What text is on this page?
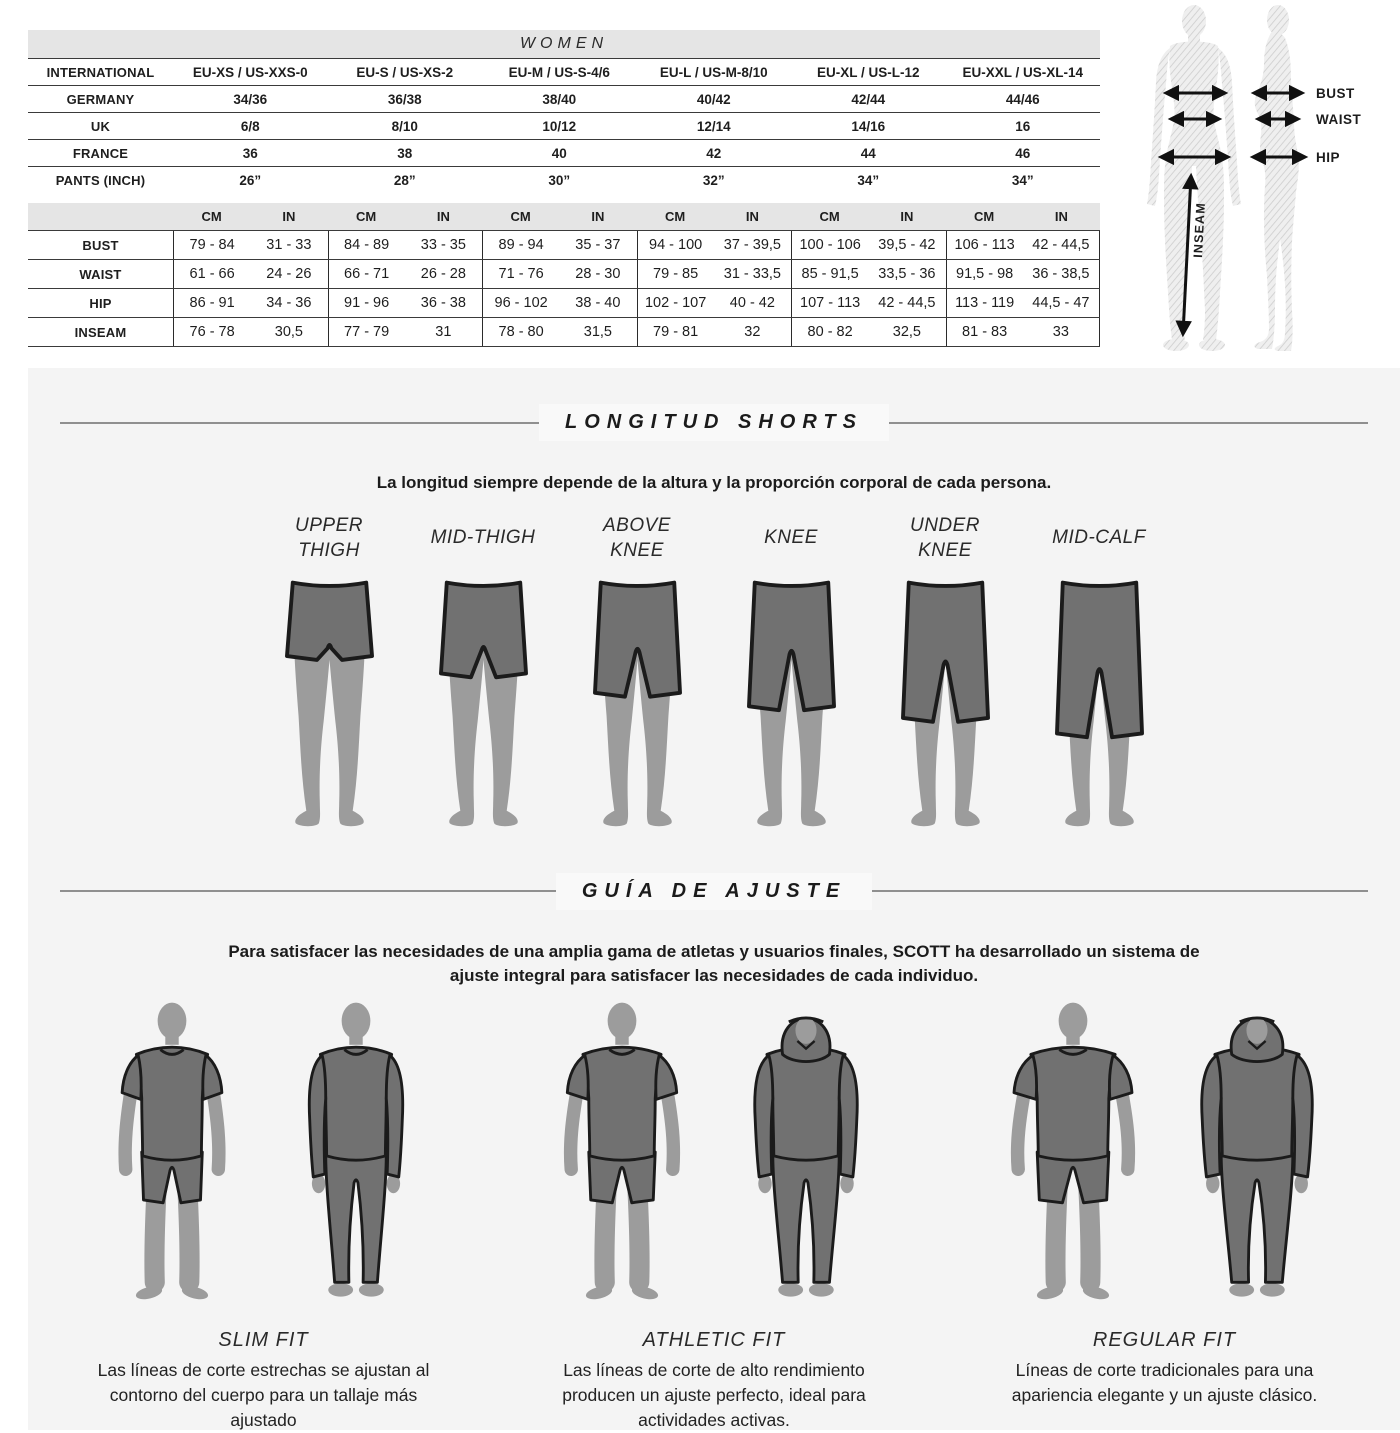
WOMEN
INTERNATIONAL	EU-XS / US-XXS-0	EU-S / US-XS-2	EU-M / US-S-4/6	EU-L / US-M-8/10	EU-XL / US-L-12	EU-XXL / US-XL-14
GERMANY	34/36	36/38	38/40	40/42	42/44	44/46
UK	6/8	8/10	10/12	12/14	14/16	16
FRANCE	36	38	40	42	44	46
PANTS (INCH)	26”	28”	30”	32”	34”	34”
CM	IN	CM	IN	CM	IN	CM	IN	CM	IN	CM	IN
BUST	79 - 84	31 - 33	84 - 89	33 - 35	89 - 94	35 - 37	94 - 100	37 - 39,5	100 - 106	39,5 - 42	106 - 113	42 - 44,5
WAIST	61 - 66	24 - 26	66 - 71	26 - 28	71 - 76	28 - 30	79 - 85	31 - 33,5	85 - 91,5	33,5 - 36	91,5 - 98	36 - 38,5
HIP	86 - 91	34 - 36	91 - 96	36 - 38	96 - 102	38 - 40	102 - 107	40 - 42	107 - 113	42 - 44,5	113 - 119	44,5 - 47
INSEAM	76 - 78	30,5	77 - 79	31	78 - 80	31,5	79 - 81	32	80 - 82	32,5	81 - 83	33
BUST
WAIST
HIP
INSEAM
LONGITUD SHORTS

La longitud siempre depende de la altura y la proporción corporal de cada persona.

UPPER THIGH
MID-THIGH
ABOVE KNEE
KNEE
UNDER KNEE
MID-CALF
GUÍA DE AJUSTE

Para satisfacer las necesidades de una amplia gama de atletas y usuarios finales, SCOTT ha desarrollado un sistema de ajuste integral para satisfacer las necesidades de cada individuo.

SLIM FIT
Las líneas de corte estrechas se ajustan al contorno del cuerpo para un tallaje más ajustado
ATHLETIC FIT
Las líneas de corte de alto rendimiento producen un ajuste perfecto, ideal para actividades activas.
REGULAR FIT
Líneas de corte tradicionales para una apariencia elegante y un ajuste clásico.
